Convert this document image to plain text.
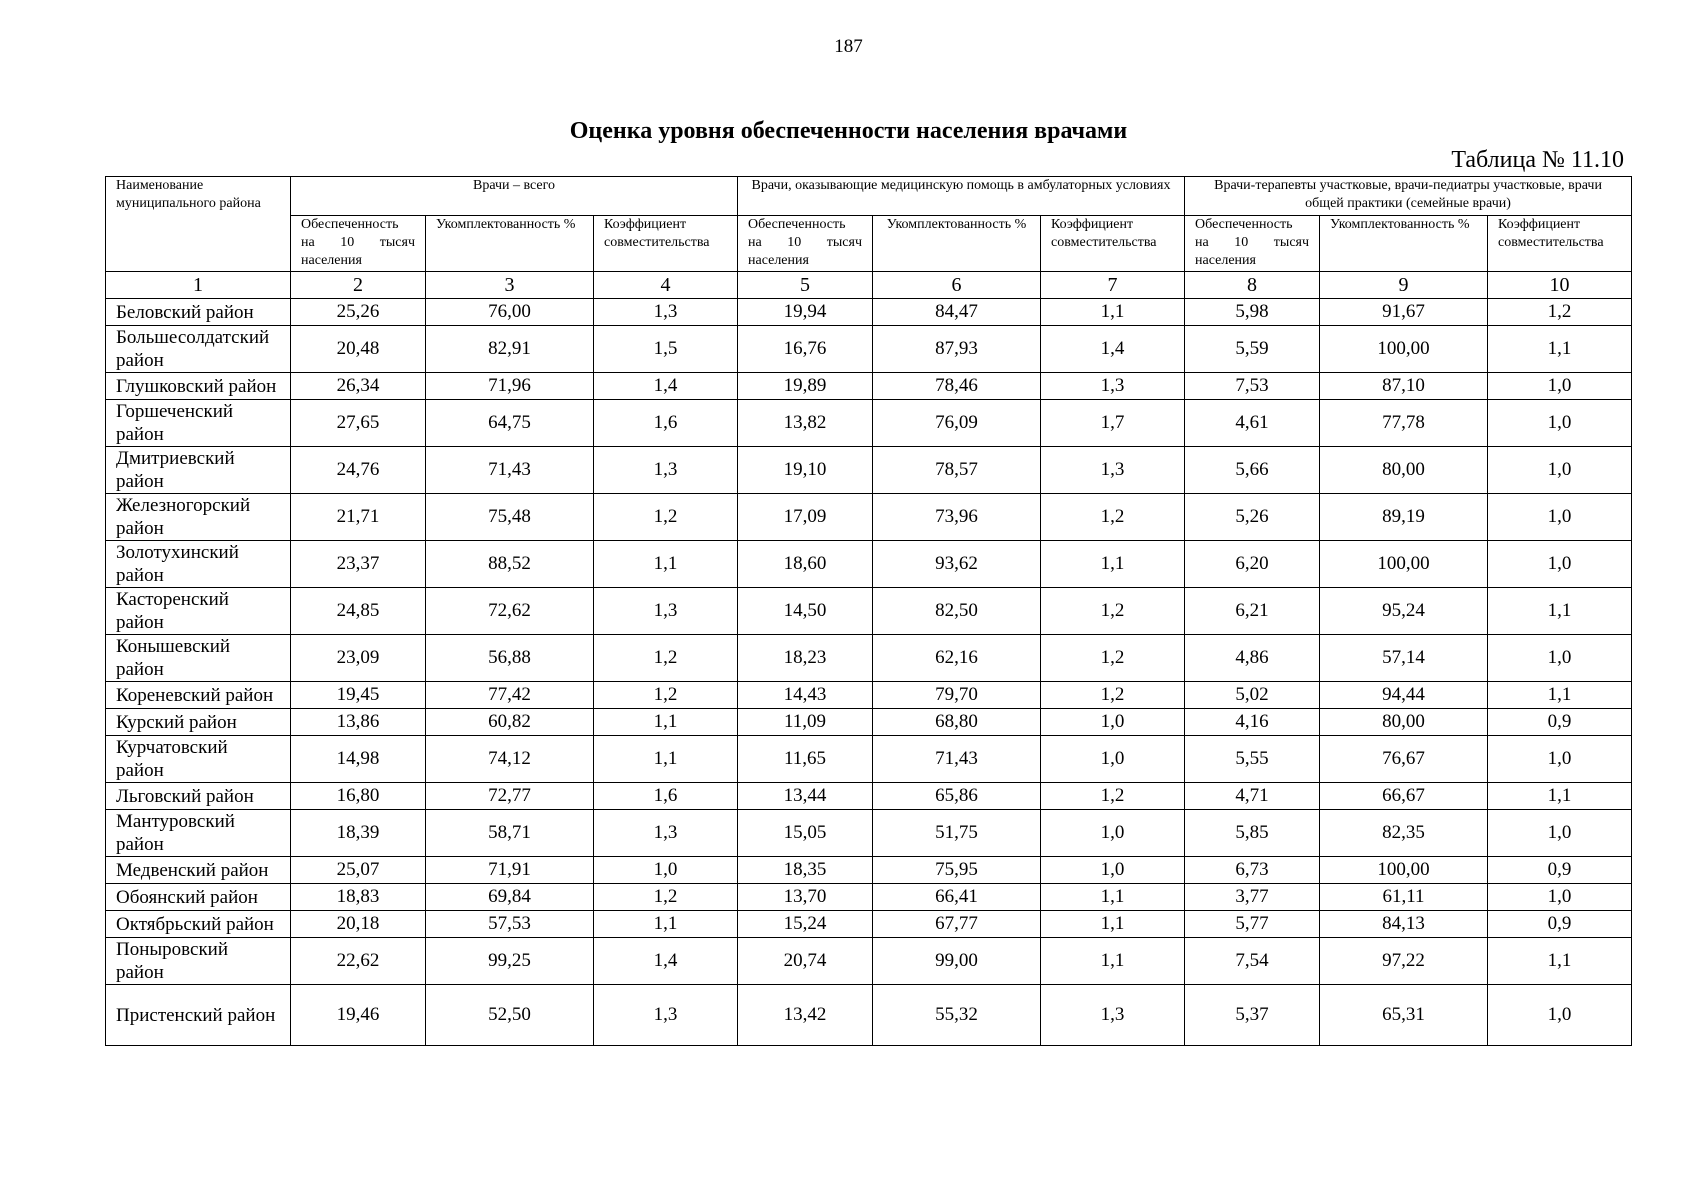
187
Оценка уровня обеспеченности населения врачами
Таблица № 11.10
Наименование муниципального района	Врачи – всего			Врачи, оказывающие медицинскую помощь в амбулаторных условиях			Врачи-терапевты участковые, врачи-педиатры участковые, врачи общей практики (семейные врачи)		
	Обеспеченность на 10 тысяч населения	Укомплектованность %	Коэффициент совместительства	Обеспеченность на 10 тысяч населения	Укомплектованность %	Коэффициент совместительства	Обеспеченность на 10 тысяч населения	Укомплектованность %	Коэффициент совместительства
1	2	3	4	5	6	7	8	9	10
Беловский район	25,26	76,00	1,3	19,94	84,47	1,1	5,98	91,67	1,2
Большесолдатский район	20,48	82,91	1,5	16,76	87,93	1,4	5,59	100,00	1,1
Глушковский район	26,34	71,96	1,4	19,89	78,46	1,3	7,53	87,10	1,0
Горшеченский район	27,65	64,75	1,6	13,82	76,09	1,7	4,61	77,78	1,0
Дмитриевский район	24,76	71,43	1,3	19,10	78,57	1,3	5,66	80,00	1,0
Железногорский район	21,71	75,48	1,2	17,09	73,96	1,2	5,26	89,19	1,0
Золотухинский район	23,37	88,52	1,1	18,60	93,62	1,1	6,20	100,00	1,0
Касторенский район	24,85	72,62	1,3	14,50	82,50	1,2	6,21	95,24	1,1
Конышевский район	23,09	56,88	1,2	18,23	62,16	1,2	4,86	57,14	1,0
Кореневский район	19,45	77,42	1,2	14,43	79,70	1,2	5,02	94,44	1,1
Курский район	13,86	60,82	1,1	11,09	68,80	1,0	4,16	80,00	0,9
Курчатовский район	14,98	74,12	1,1	11,65	71,43	1,0	5,55	76,67	1,0
Льговский район	16,80	72,77	1,6	13,44	65,86	1,2	4,71	66,67	1,1
Мантуровский район	18,39	58,71	1,3	15,05	51,75	1,0	5,85	82,35	1,0
Медвенский район	25,07	71,91	1,0	18,35	75,95	1,0	6,73	100,00	0,9
Обоянский район	18,83	69,84	1,2	13,70	66,41	1,1	3,77	61,11	1,0
Октябрьский район	20,18	57,53	1,1	15,24	67,77	1,1	5,77	84,13	0,9
Поныровский район	22,62	99,25	1,4	20,74	99,00	1,1	7,54	97,22	1,1
Пристенский район	19,46	52,50	1,3	13,42	55,32	1,3	5,37	65,31	1,0
